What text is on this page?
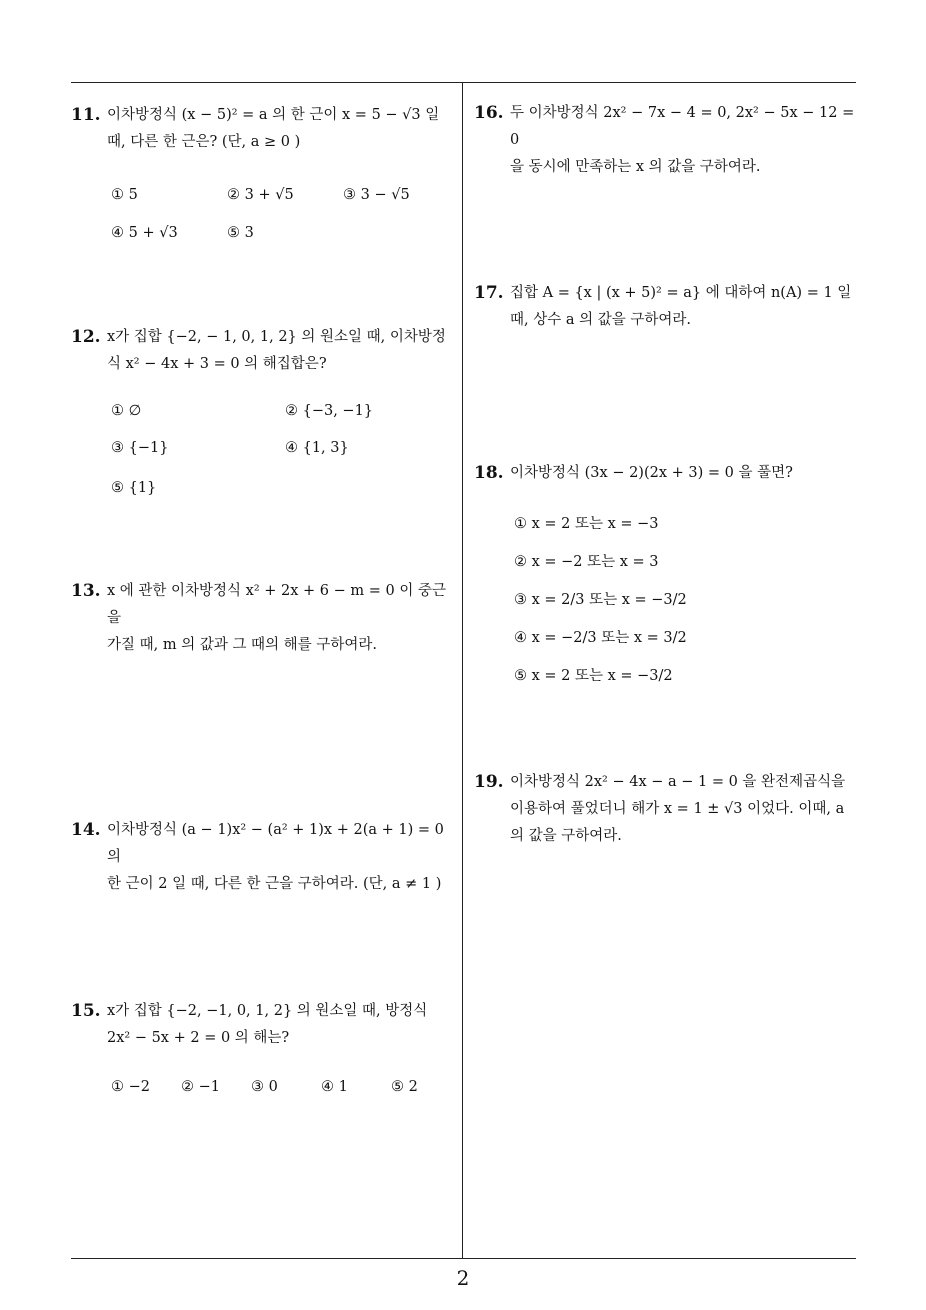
11. 이차방정식 (x − 5)² = a 의 한 근이 x = 5 − √3 일
때, 다른 한 근은? (단, a ≥ 0 )
① 5	② 3 + √5	③ 3 − √5
④ 5 + √3	⑤ 3
12. x가 집합 {−2, − 1, 0, 1, 2} 의 원소일 때, 이차방정
식 x² − 4x + 3 = 0 의 해집합은?
① ∅	② {−3, −1}
③ {−1}	④ {1, 3}
⑤ {1}
13. x 에 관한 이차방정식 x² + 2x + 6 − m = 0 이 중근을
가질 때, m 의 값과 그 때의 해를 구하여라.
14. 이차방정식 (a − 1)x² − (a² + 1)x + 2(a + 1) = 0 의
한 근이 2 일 때, 다른 한 근을 구하여라. (단, a ≠ 1 )
15. x가 집합 {−2, −1, 0, 1, 2} 의 원소일 때, 방정식
2x² − 5x + 2 = 0 의 해는?
① −2 ② −1 ③ 0	④ 1	⑤ 2
16. 두 이차방정식 2x² − 7x − 4 = 0, 2x² − 5x − 12 = 0
을 동시에 만족하는 x 의 값을 구하여라.
17. 집합 A = {x | (x + 5)² = a} 에 대하여 n(A) = 1 일
때, 상수 a 의 값을 구하여라.
18. 이차방정식 (3x − 2)(2x + 3) = 0 을 풀면?
① x = 2 또는 x = −3
② x = −2 또는 x = 3
③ x = 2/3 또는 x = −3/2
④ x = −2/3 또는 x = 3/2
⑤ x = 2 또는 x = −3/2
19. 이차방정식 2x² − 4x − a − 1 = 0 을 완전제곱식을
이용하여 풀었더니 해가 x = 1 ± √3 이었다. 이때, a
의 값을 구하여라.
2
